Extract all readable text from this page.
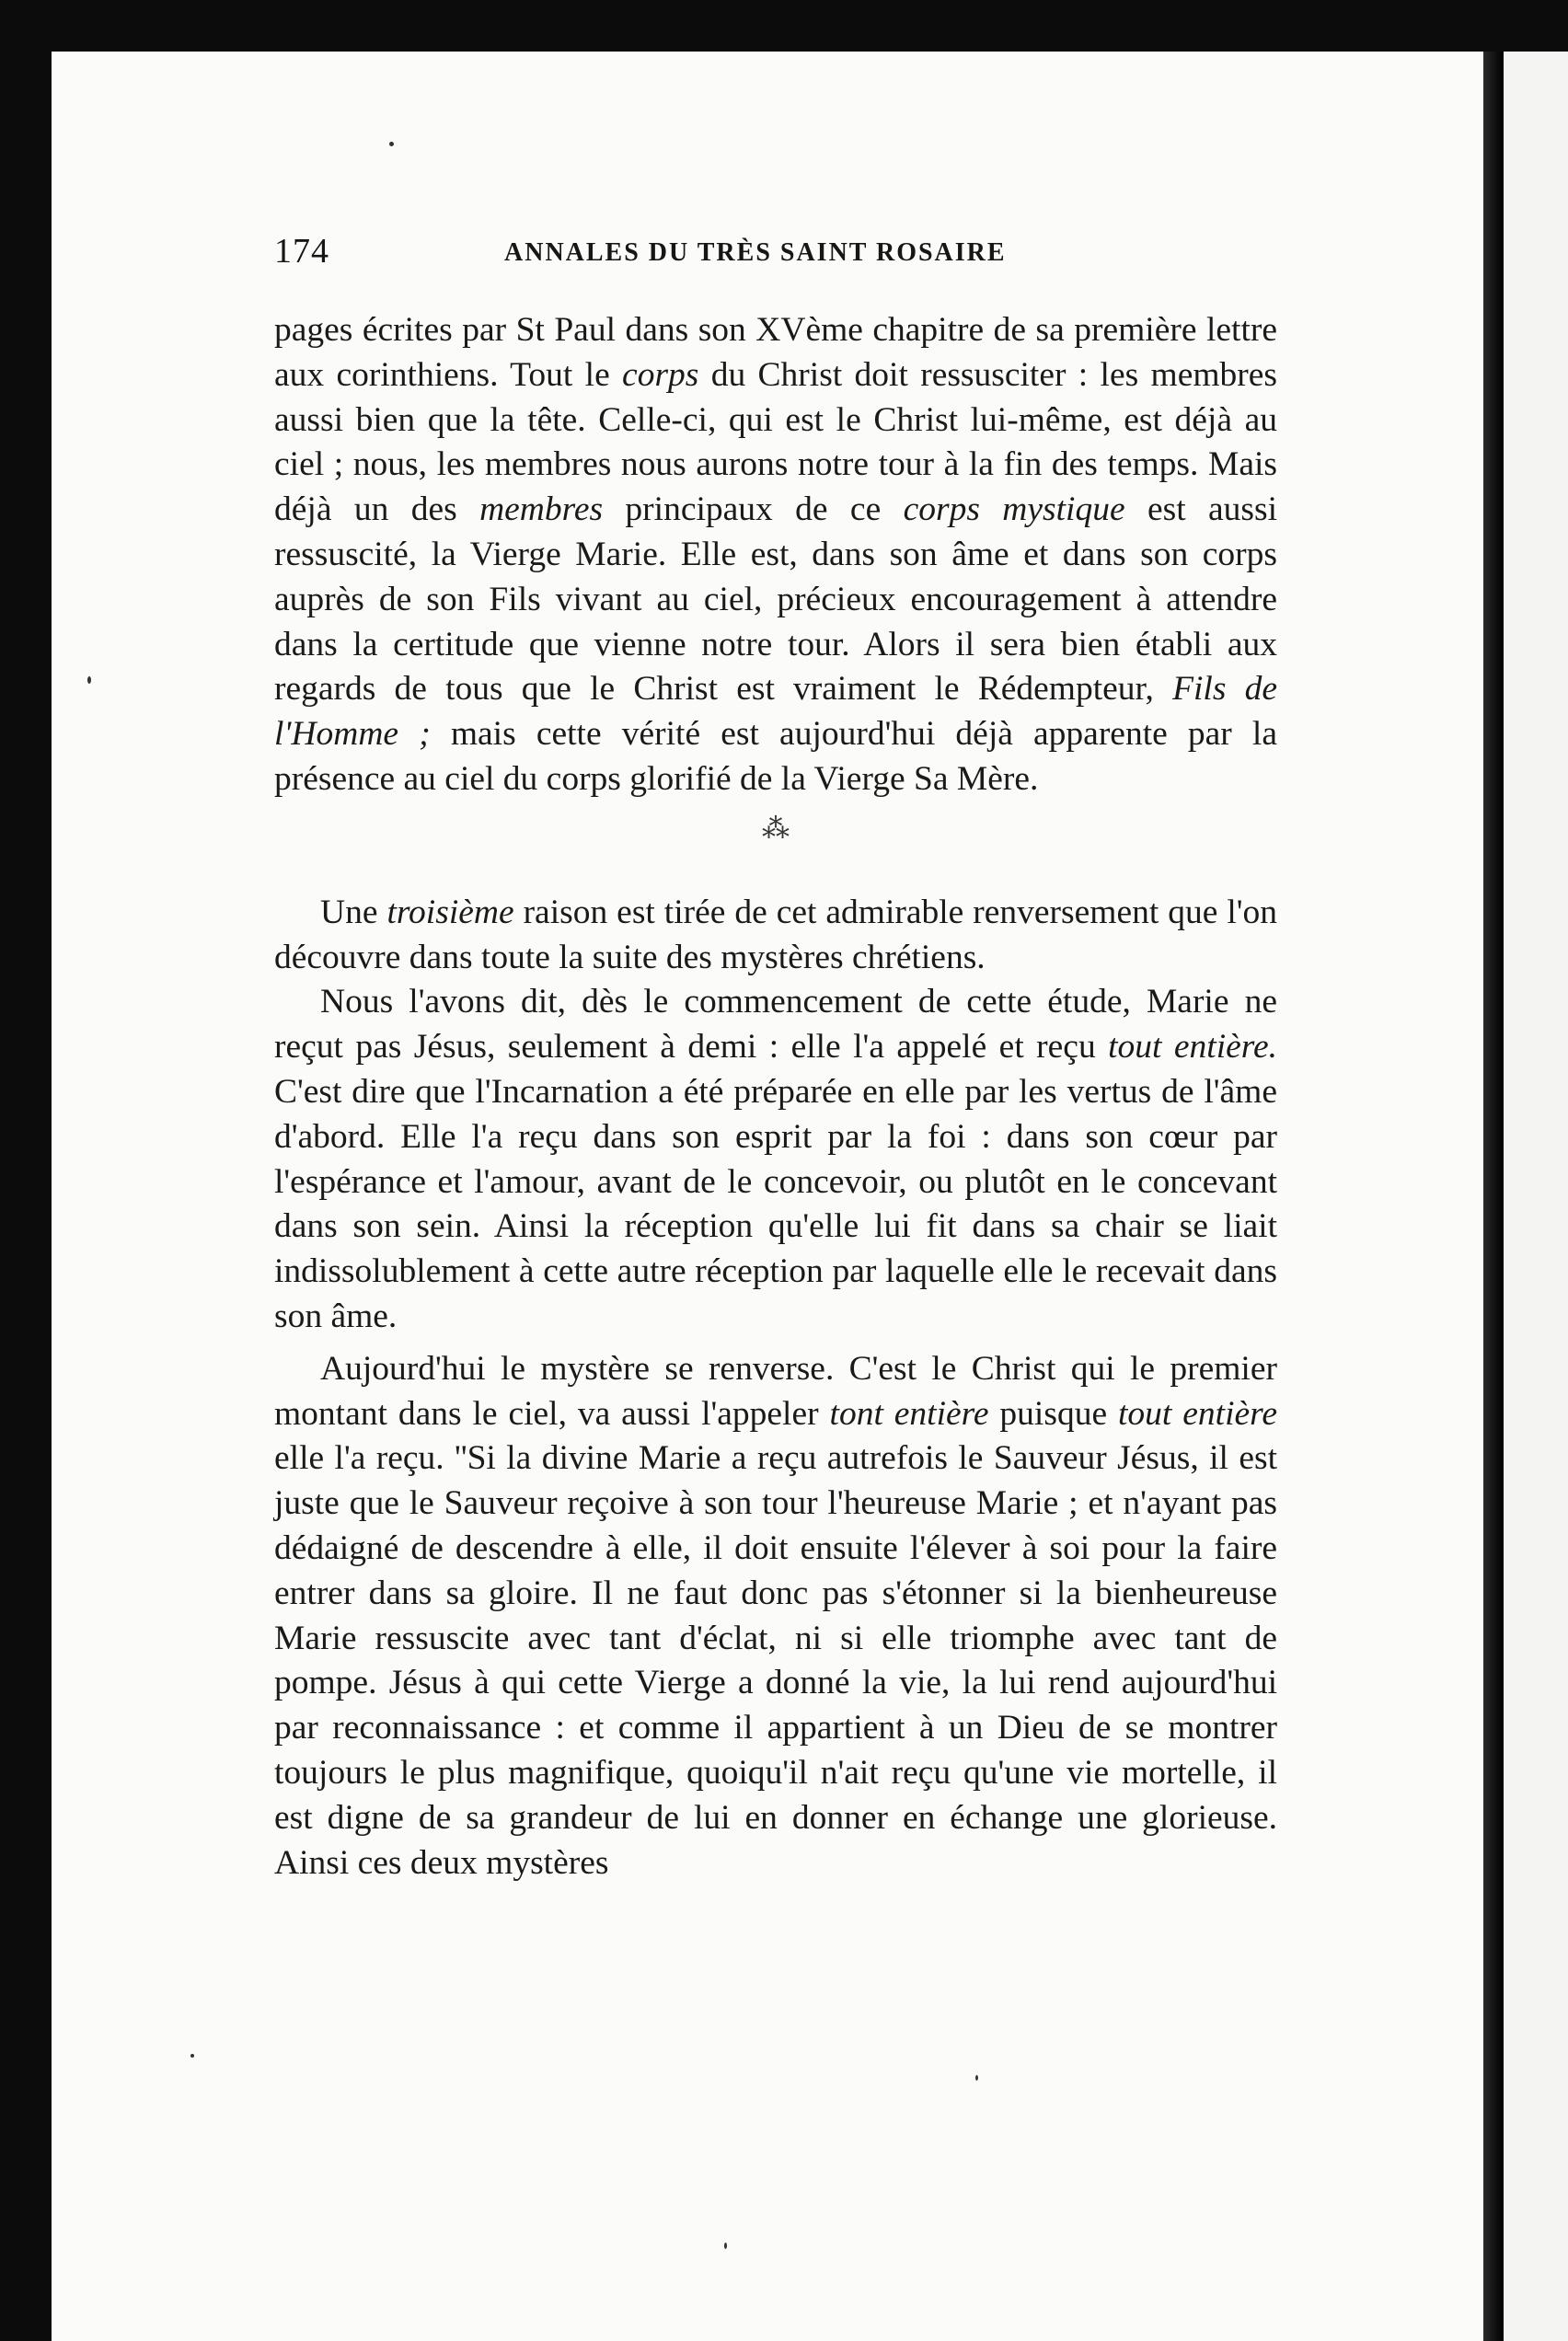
174	ANNALES DU TRÈS SAINT ROSAIRE

pages écrites par St Paul dans son XVème chapitre de sa première lettre aux corinthiens. Tout le corps du Christ doit ressusciter : les membres aussi bien que la tête. Celle-ci, qui est le Christ lui-même, est déjà au ciel ; nous, les membres nous aurons notre tour à la fin des temps. Mais déjà un des membres principaux de ce corps mystique est aussi ressuscité, la Vierge Marie. Elle est, dans son âme et dans son corps auprès de son Fils vivant au ciel, précieux encouragement à attendre dans la certitude que vienne notre tour. Alors il sera bien établi aux regards de tous que le Christ est vraiment le Rédempteur, Fils de l'Homme ; mais cette vérité est aujourd'hui déjà apparente par la présence au ciel du corps glorifié de la Vierge Sa Mère.

⁂

Une troisième raison est tirée de cet admirable renversement que l'on découvre dans toute la suite des mystères chrétiens.

Nous l'avons dit, dès le commencement de cette étude, Marie ne reçut pas Jésus, seulement à demi : elle l'a appelé et reçu tout entière. C'est dire que l'Incarnation a été préparée en elle par les vertus de l'âme d'abord. Elle l'a reçu dans son esprit par la foi : dans son cœur par l'espérance et l'amour, avant de le concevoir, ou plutôt en le concevant dans son sein. Ainsi la réception qu'elle lui fit dans sa chair se liait indissolublement à cette autre réception par laquelle elle le recevait dans son âme.

Aujourd'hui le mystère se renverse. C'est le Christ qui le premier montant dans le ciel, va aussi l'appeler tont entière puisque tout entière elle l'a reçu. ''Si la divine Marie a reçu autrefois le Sauveur Jésus, il est juste que le Sauveur reçoive à son tour l'heureuse Marie ; et n'ayant pas dédaigné de descendre à elle, il doit ensuite l'élever à soi pour la faire entrer dans sa gloire. Il ne faut donc pas s'étonner si la bienheureuse Marie ressuscite avec tant d'éclat, ni si elle triomphe avec tant de pompe. Jésus à qui cette Vierge a donné la vie, la lui rend aujourd'hui par reconnaissance : et comme il appartient à un Dieu de se montrer toujours le plus magnifique, quoiqu'il n'ait reçu qu'une vie mortelle, il est digne de sa grandeur de lui en donner en échange une glorieuse. Ainsi ces deux mystères
